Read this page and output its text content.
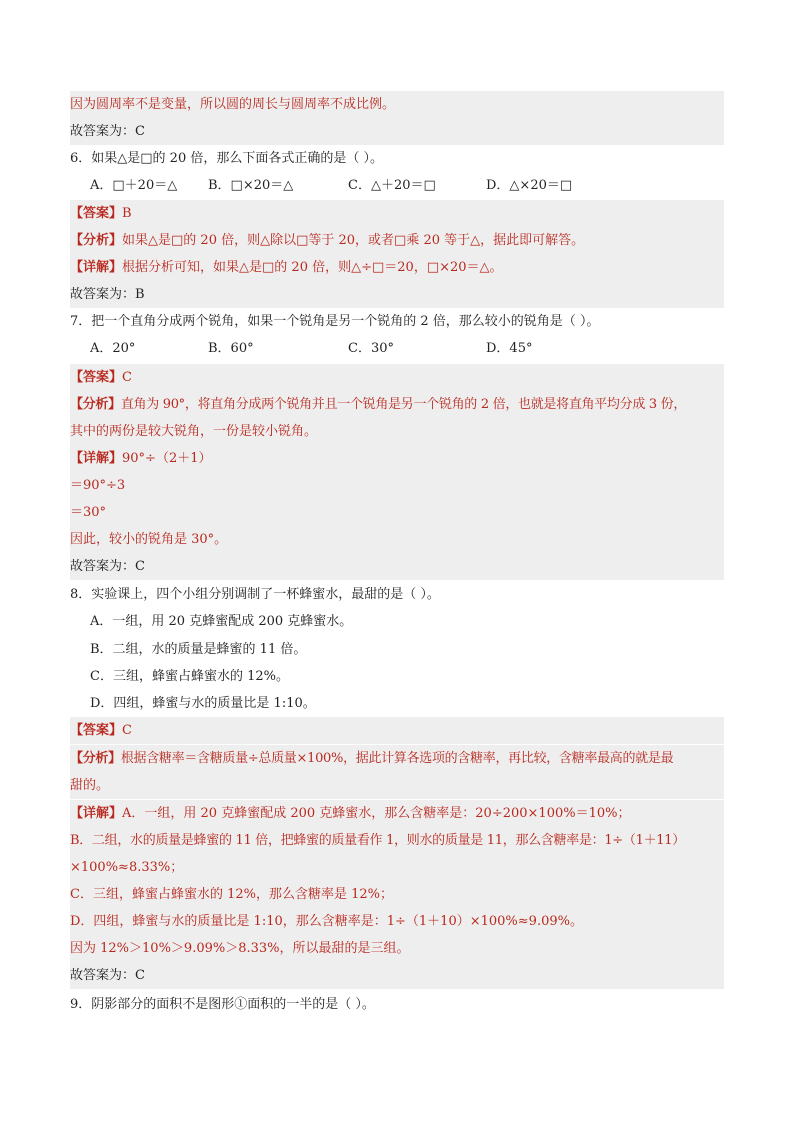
因为圆周率不是变量，所以圆的周长与圆周率不成比例。
故答案为：C
6．如果△是□的 20 倍，那么下面各式正确的是（ ）。
A．□＋20＝△ B．□×20＝△	C．△＋20＝□	D．△×20＝□
【答案】B
【分析】如果△是□的 20 倍，则△除以□等于 20，或者□乘 20 等于△，据此即可解答。
【详解】根据分析可知，如果△是□的 20 倍，则△÷□＝20，□×20＝△。
故答案为：B
7．把一个直角分成两个锐角，如果一个锐角是另一个锐角的 2 倍，那么较小的锐角是（ ）。
A．20°	B．60°	C．30°	D．45°
【答案】C
【分析】直角为 90°，将直角分成两个锐角并且一个锐角是另一个锐角的 2 倍，也就是将直角平均分成 3 份，
其中的两份是较大锐角，一份是较小锐角。
【详解】90°÷（2＋1）
＝90°÷3
＝30°
因此，较小的锐角是 30°。
故答案为：C
8．实验课上，四个小组分别调制了一杯蜂蜜水，最甜的是（ ）。
A．一组，用 20 克蜂蜜配成 200 克蜂蜜水。
B．二组，水的质量是蜂蜜的 11 倍。
C．三组，蜂蜜占蜂蜜水的 12%。
D．四组，蜂蜜与水的质量比是 1:10。
【答案】C
【分析】根据含糖率＝含糖质量÷总质量×100%，据此计算各选项的含糖率，再比较，含糖率最高的就是最
甜的。
【详解】A．一组，用 20 克蜂蜜配成 200 克蜂蜜水，那么含糖率是：20÷200×100%＝10%；
B．二组，水的质量是蜂蜜的 11 倍，把蜂蜜的质量看作 1，则水的质量是 11，那么含糖率是：1÷（1＋11）
×100%≈8.33%；
C．三组，蜂蜜占蜂蜜水的 12%，那么含糖率是 12%；
D．四组，蜂蜜与水的质量比是 1:10，那么含糖率是：1÷（1＋10）×100%≈9.09%。
因为 12%＞10%＞9.09%＞8.33%，所以最甜的是三组。
故答案为：C
9．阴影部分的面积不是图形①面积的一半的是（ ）。
